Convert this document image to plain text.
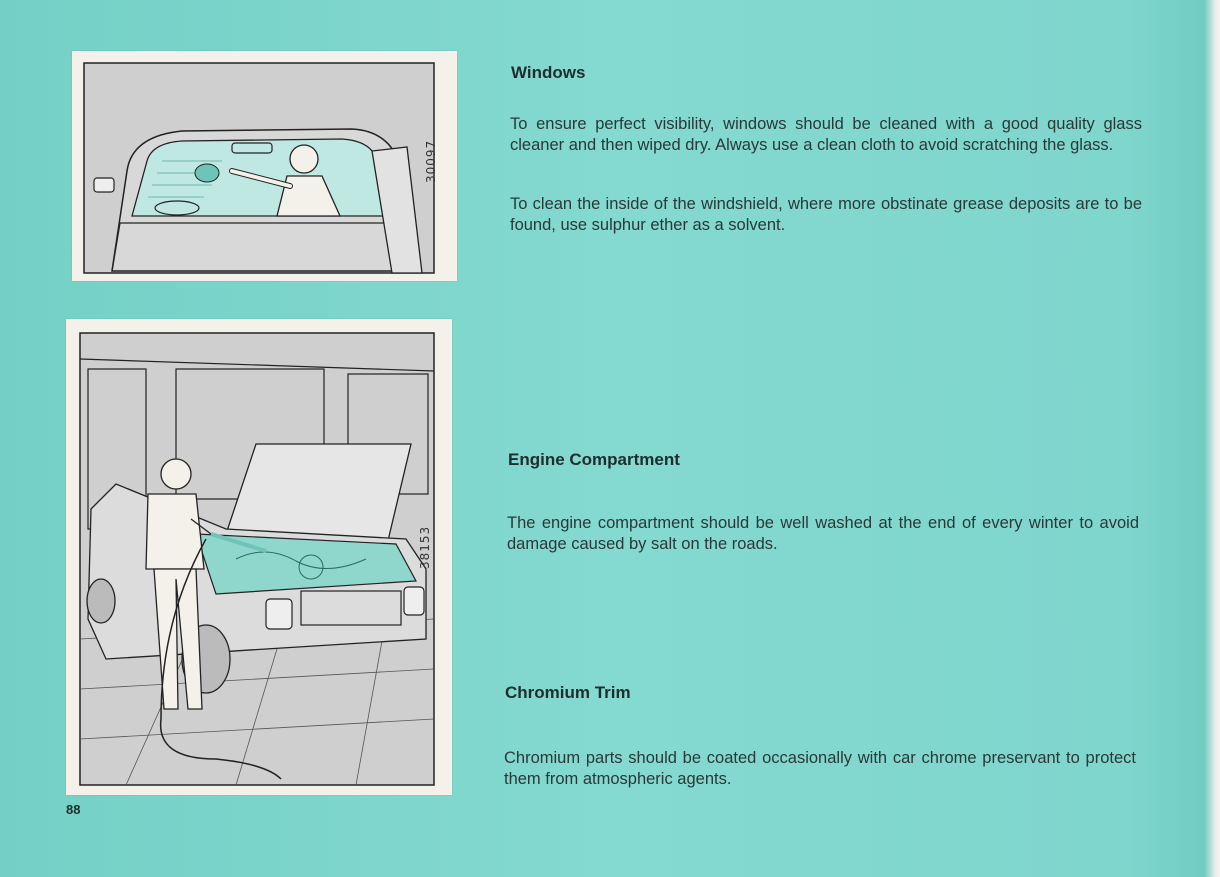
30097
38153
Windows

To ensure perfect visibility, windows should be cleaned with a good quality glass cleaner and then wiped dry. Always use a clean cloth to avoid scratching the glass.

To clean the inside of the windshield, where more obstinate grease deposits are to be found, use sulphur ether as a solvent.

Engine Compartment

The engine compartment should be well washed at the end of every winter to avoid damage caused by salt on the roads.

Chromium Trim

Chromium parts should be coated occasionally with car chrome preservant to protect them from atmospheric agents.

88
